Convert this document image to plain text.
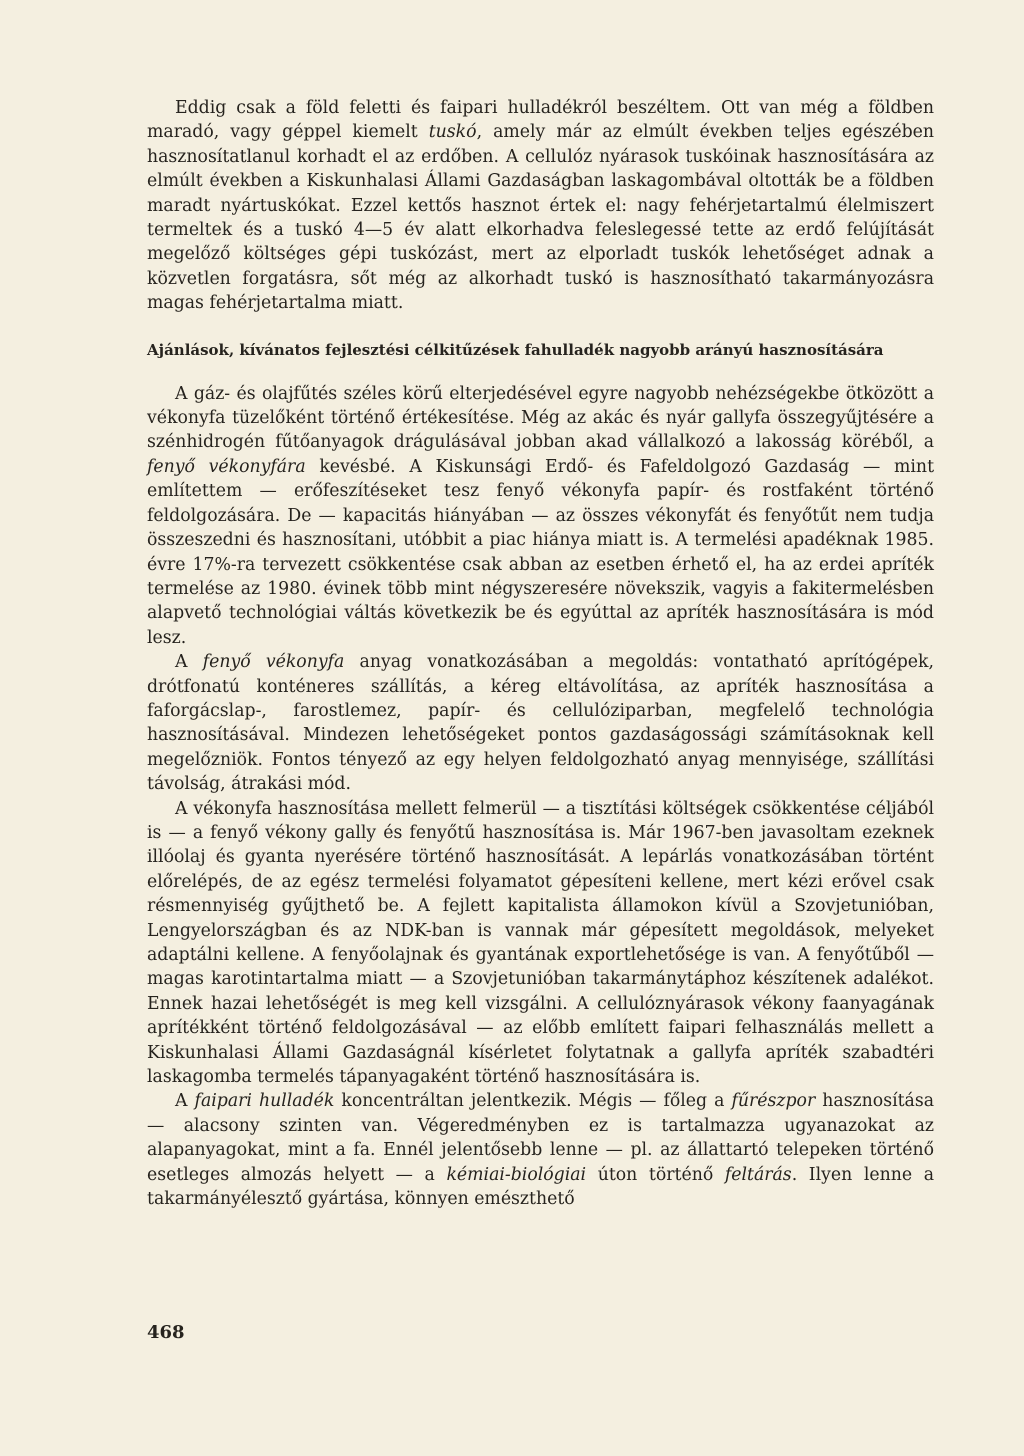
Eddig csak a föld feletti és faipari hulladékról beszéltem. Ott van még a földben maradó, vagy géppel kiemelt tuskó, amely már az elmúlt években teljes egészében hasznosítatlanul korhadt el az erdőben. A cellulóz nyárasok tuskóinak hasznosítására az elmúlt években a Kiskunhalasi Állami Gazdaságban laskagombával oltották be a földben maradt nyártuskókat. Ezzel kettős hasznot értek el: nagy fehérjetartalmú élelmiszert termeltek és a tuskó 4—5 év alatt elkorhadva feleslegessé tette az erdő felújítását megelőző költséges gépi tuskózást, mert az elporladt tuskók lehetőséget adnak a közvetlen forgatásra, sőt még az alkorhadt tuskó is hasznosítható takarmányozásra magas fehérjetartalma miatt.

Ajánlások, kívánatos fejlesztési célkitűzések fahulladék nagyobb arányú hasznosítására

A gáz- és olajfűtés széles körű elterjedésével egyre nagyobb nehézségekbe ötközött a vékonyfa tüzelőként történő értékesítése. Még az akác és nyár gallyfa összegyűjtésére a szénhidrogén fűtőanyagok drágulásával jobban akad vállalkozó a lakosság köréből, a fenyő vékonyfára kevésbé. A Kiskunsági Erdő- és Fafeldolgozó Gazdaság — mint említettem — erőfeszítéseket tesz fenyő vékonyfa papír- és rostfaként történő feldolgozására. De — kapacitás hiányában — az összes vékonyfát és fenyőtűt nem tudja összeszedni és hasznosítani, utóbbit a piac hiánya miatt is. A termelési apadéknak 1985. évre 17%-ra tervezett csökkentése csak abban az esetben érhető el, ha az erdei apríték termelése az 1980. évinek több mint négyszeresére növekszik, vagyis a fakitermelésben alapvető technológiai váltás következik be és egyúttal az apríték hasznosítására is mód lesz.

A fenyő vékonyfa anyag vonatkozásában a megoldás: vontatható aprítógépek, drótfonatú konténeres szállítás, a kéreg eltávolítása, az apríték hasznosítása a faforgácslap-, farostlemez, papír- és cellulóziparban, megfelelő technológia hasznosításával. Mindezen lehetőségeket pontos gazdaságossági számításoknak kell megelőzniök. Fontos tényező az egy helyen feldolgozható anyag mennyisége, szállítási távolság, átrakási mód.

A vékonyfa hasznosítása mellett felmerül — a tisztítási költségek csökkentése céljából is — a fenyő vékony gally és fenyőtű hasznosítása is. Már 1967-ben javasoltam ezeknek illóolaj és gyanta nyerésére történő hasznosítását. A lepárlás vonatkozásában történt előrelépés, de az egész termelési folyamatot gépesíteni kellene, mert kézi erővel csak résmennyiség gyűjthető be. A fejlett kapitalista államokon kívül a Szovjetunióban, Lengyelországban és az NDK-ban is vannak már gépesített megoldások, melyeket adaptálni kellene. A fenyőolajnak és gyantának exportlehetősége is van. A fenyőtűből — magas karotintartalma miatt — a Szovjetunióban takarmánytáphoz készítenek adalékot. Ennek hazai lehetőségét is meg kell vizsgálni. A cellulóznyárasok vékony faanyagának aprítékként történő feldolgozásával — az előbb említett faipari felhasználás mellett a Kiskunhalasi Állami Gazdaságnál kísérletet folytatnak a gallyfa apríték szabadtéri laskagomba termelés tápanyagaként történő hasznosítására is.

A faipari hulladék koncentráltan jelentkezik. Mégis — főleg a fűrészpor hasznosítása — alacsony szinten van. Végeredményben ez is tartalmazza ugyanazokat az alapanyagokat, mint a fa. Ennél jelentősebb lenne — pl. az állattartó telepeken történő esetleges almozás helyett — a kémiai-biológiai úton történő feltárás. Ilyen lenne a takarmányélesztő gyártása, könnyen emészthető

468
